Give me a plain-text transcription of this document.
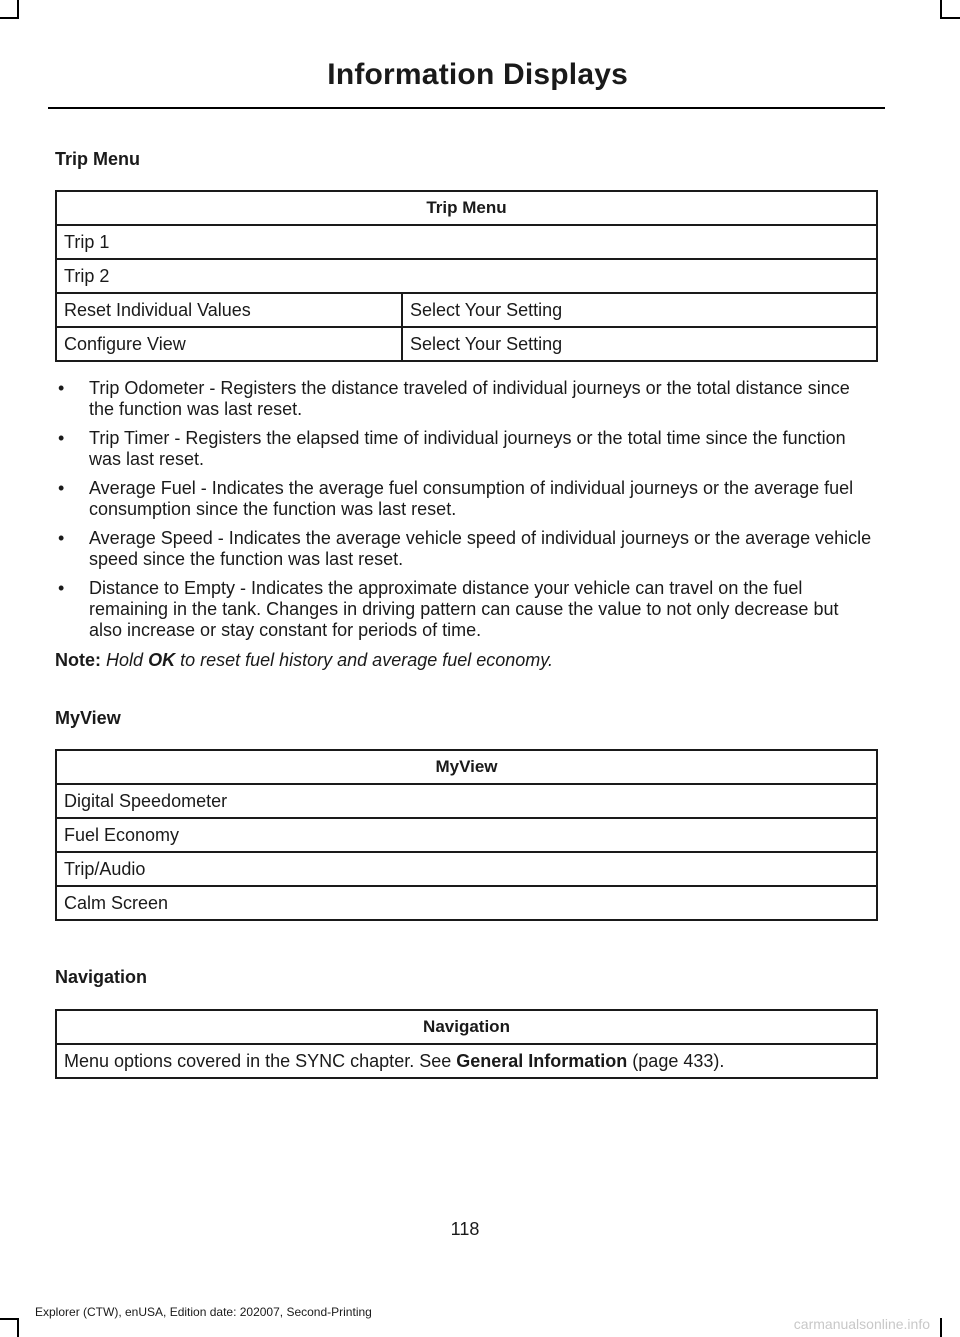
Information Displays
Trip Menu
Trip Menu	
Trip 1	
Trip 2	
Reset Individual Values	Select Your Setting
Configure View	Select Your Setting
• Trip Odometer - Registers the distance traveled of individual journeys or the total distance since the function was last reset.
• Trip Timer - Registers the elapsed time of individual journeys or the total time since the function was last reset.
• Average Fuel - Indicates the average fuel consumption of individual journeys or the average fuel consumption since the function was last reset.
• Average Speed - Indicates the average vehicle speed of individual journeys or the average vehicle speed since the function was last reset.
• Distance to Empty - Indicates the approximate distance your vehicle can travel on the fuel remaining in the tank. Changes in driving pattern can cause the value to not only decrease but also increase or stay constant for periods of time.
Note: Hold OK to reset fuel history and average fuel economy.
MyView
MyView
Digital Speedometer
Fuel Economy
Trip/Audio
Calm Screen
Navigation
Navigation
Menu options covered in the SYNC chapter. See General Information (page 433).
118
Explorer (CTW), enUSA, Edition date: 202007, Second-Printing
carmanualsonline.info
